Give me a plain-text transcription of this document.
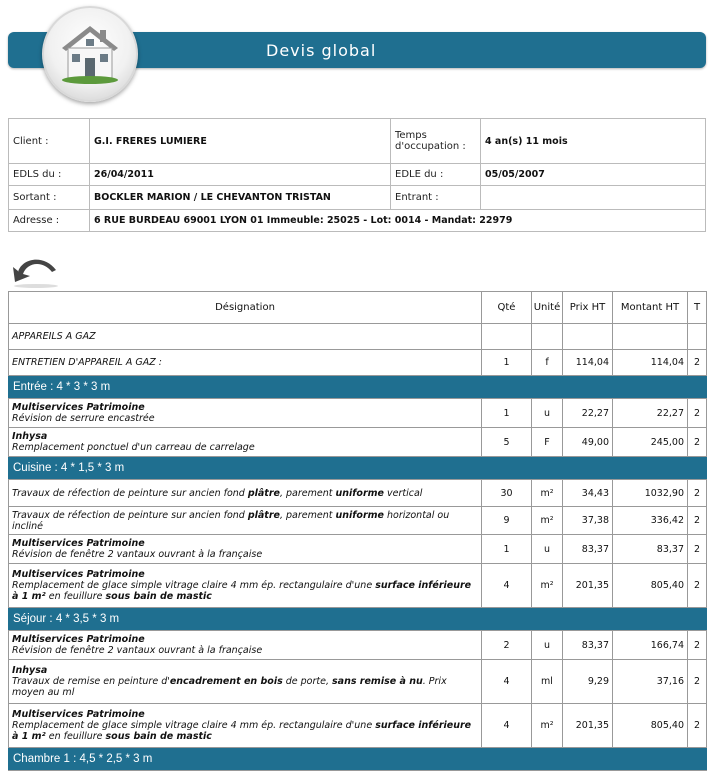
Devis global
Client :	G.I. FRERES LUMIERE	Temps d'occupation :	4 an(s) 11 mois
EDLS du :	26/04/2011	EDLE du :	05/05/2007
Sortant :	BOCKLER MARION / LE CHEVANTON TRISTAN	Entrant :	
Adresse :	6 RUE BURDEAU 69001 LYON 01 Immeuble: 25025 - Lot: 0014 - Mandat: 22979		
Désignation	Qté	Unité	Prix HT	Montant HT	T
APPAREILS A GAZ					
ENTRETIEN D'APPAREIL A GAZ :	1	f	114,04	114,04	2
Entrée : 4 * 3 * 3 m					

Multiservices Patrimoine
Révision de serrure encastrée	1	u	22,27	22,27	2

Inhysa
Remplacement ponctuel d'un carreau de carrelage	5	F	49,00	245,00	2
Cuisine : 4 * 1,5 * 3 m					
Travaux de réfection de peinture sur ancien fond plâtre, parement uniforme vertical	30	m²	34,43	1032,90	2
Travaux de réfection de peinture sur ancien fond plâtre, parement uniforme horizontal ou incliné	9	m²	37,38	336,42	2

Multiservices Patrimoine
Révision de fenêtre 2 vantaux ouvrant à la française	1	u	83,37	83,37	2

Multiservices Patrimoine
Remplacement de glace simple vitrage claire 4 mm ép. rectangulaire d'une surface inférieure à 1 m² en feuillure sous bain de mastic	4	m²	201,35	805,40	2
Séjour : 4 * 3,5 * 3 m					

Multiservices Patrimoine
Révision de fenêtre 2 vantaux ouvrant à la française	2	u	83,37	166,74	2

Inhysa
Travaux de remise en peinture d'encadrement en bois de porte, sans remise à nu. Prix moyen au ml	4	ml	9,29	37,16	2

Multiservices Patrimoine
Remplacement de glace simple vitrage claire 4 mm ép. rectangulaire d'une surface inférieure à 1 m² en feuillure sous bain de mastic	4	m²	201,35	805,40	2
Chambre 1 : 4,5 * 2,5 * 3 m					
